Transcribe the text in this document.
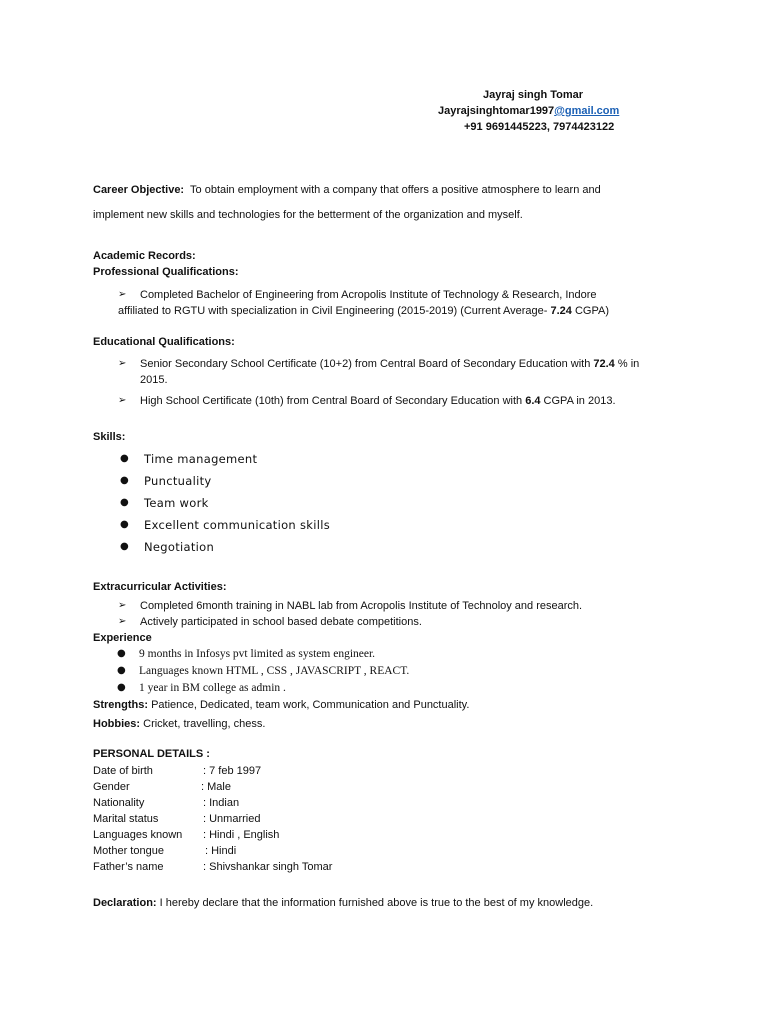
Jayraj singh Tomar
Jayrajsinghtomar1997@gmail.com
+91 9691445223, 7974423122
Career Objective: To obtain employment with a company that offers a positive atmosphere to learn and
implement new skills and technologies for the betterment of the organization and myself.
Academic Records:
Professional Qualifications:
➢ Completed Bachelor of Engineering from Acropolis Institute of Technology & Research, Indore
affiliated to RGTU with specialization in Civil Engineering (2015-2019) (Current Average- 7.24 CGPA)
Educational Qualifications:
➢ Senior Secondary School Certificate (10+2) from Central Board of Secondary Education with 72.4 % in
2015.
➢ High School Certificate (10th) from Central Board of Secondary Education with 6.4 CGPA in 2013.
Skills:
● Time management
● Punctuality
● Team work
● Excellent communication skills
● Negotiation
Extracurricular Activities:
➢ Completed 6month training in NABL lab from Acropolis Institute of Technoloy and research.
➢ Actively participated in school based debate competitions.
Experience
● 9 months in Infosys pvt limited as system engineer.
● Languages known HTML , CSS , JAVASCRIPT , REACT.
● 1 year in BM college as admin .
Strengths: Patience, Dedicated, team work, Communication and Punctuality.
Hobbies: Cricket, travelling, chess.
PERSONAL DETAILS :
Date of birth	: 7 feb 1997
Gender	: Male
Nationality	: Indian
Marital status	: Unmarried
Languages known : Hindi , English
Mother tongue	: Hindi
Father’s name	: Shivshankar singh Tomar
Declaration: I hereby declare that the information furnished above is true to the best of my knowledge.
